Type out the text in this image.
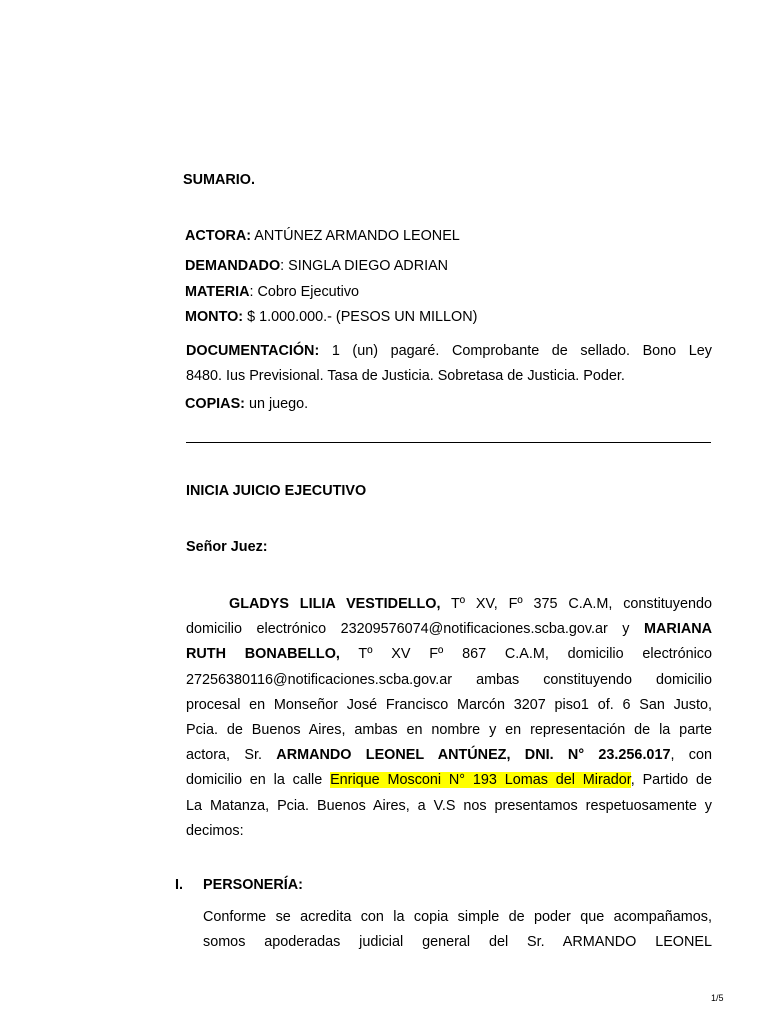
SUMARIO.
ACTORA: ANTÚNEZ ARMANDO LEONEL
DEMANDADO: SINGLA DIEGO ADRIAN
MATERIA: Cobro Ejecutivo
MONTO: $ 1.000.000.- (PESOS UN MILLON)
DOCUMENTACIÓN: 1 (un) pagaré. Comprobante de sellado. Bono Ley
8480. Ius Previsional. Tasa de Justicia. Sobretasa de Justicia. Poder.
COPIAS: un juego.
INICIA JUICIO EJECUTIVO
Señor Juez:
GLADYS LILIA VESTIDELLO, Tº XV, Fº 375 C.A.M, constituyendo
domicilio electrónico 23209576074@notificaciones.scba.gov.ar y MARIANA
RUTH BONABELLO, Tº XV Fº 867 C.A.M, domicilio electrónico
27256380116@notificaciones.scba.gov.ar ambas constituyendo domicilio
procesal en Monseñor José Francisco Marcón 3207 piso1 of. 6 San Justo,
Pcia. de Buenos Aires, ambas en nombre y en representación de la parte
actora, Sr. ARMANDO LEONEL ANTÚNEZ, DNI. N° 23.256.017, con
domicilio en la calle Enrique Mosconi N° 193 Lomas del Mirador, Partido de
La Matanza, Pcia. Buenos Aires, a V.S nos presentamos respetuosamente y
decimos:
I. PERSONERÍA:
Conforme se acredita con la copia simple de poder que acompañamos,
somos apoderadas judicial general del Sr. ARMANDO LEONEL
1/5
